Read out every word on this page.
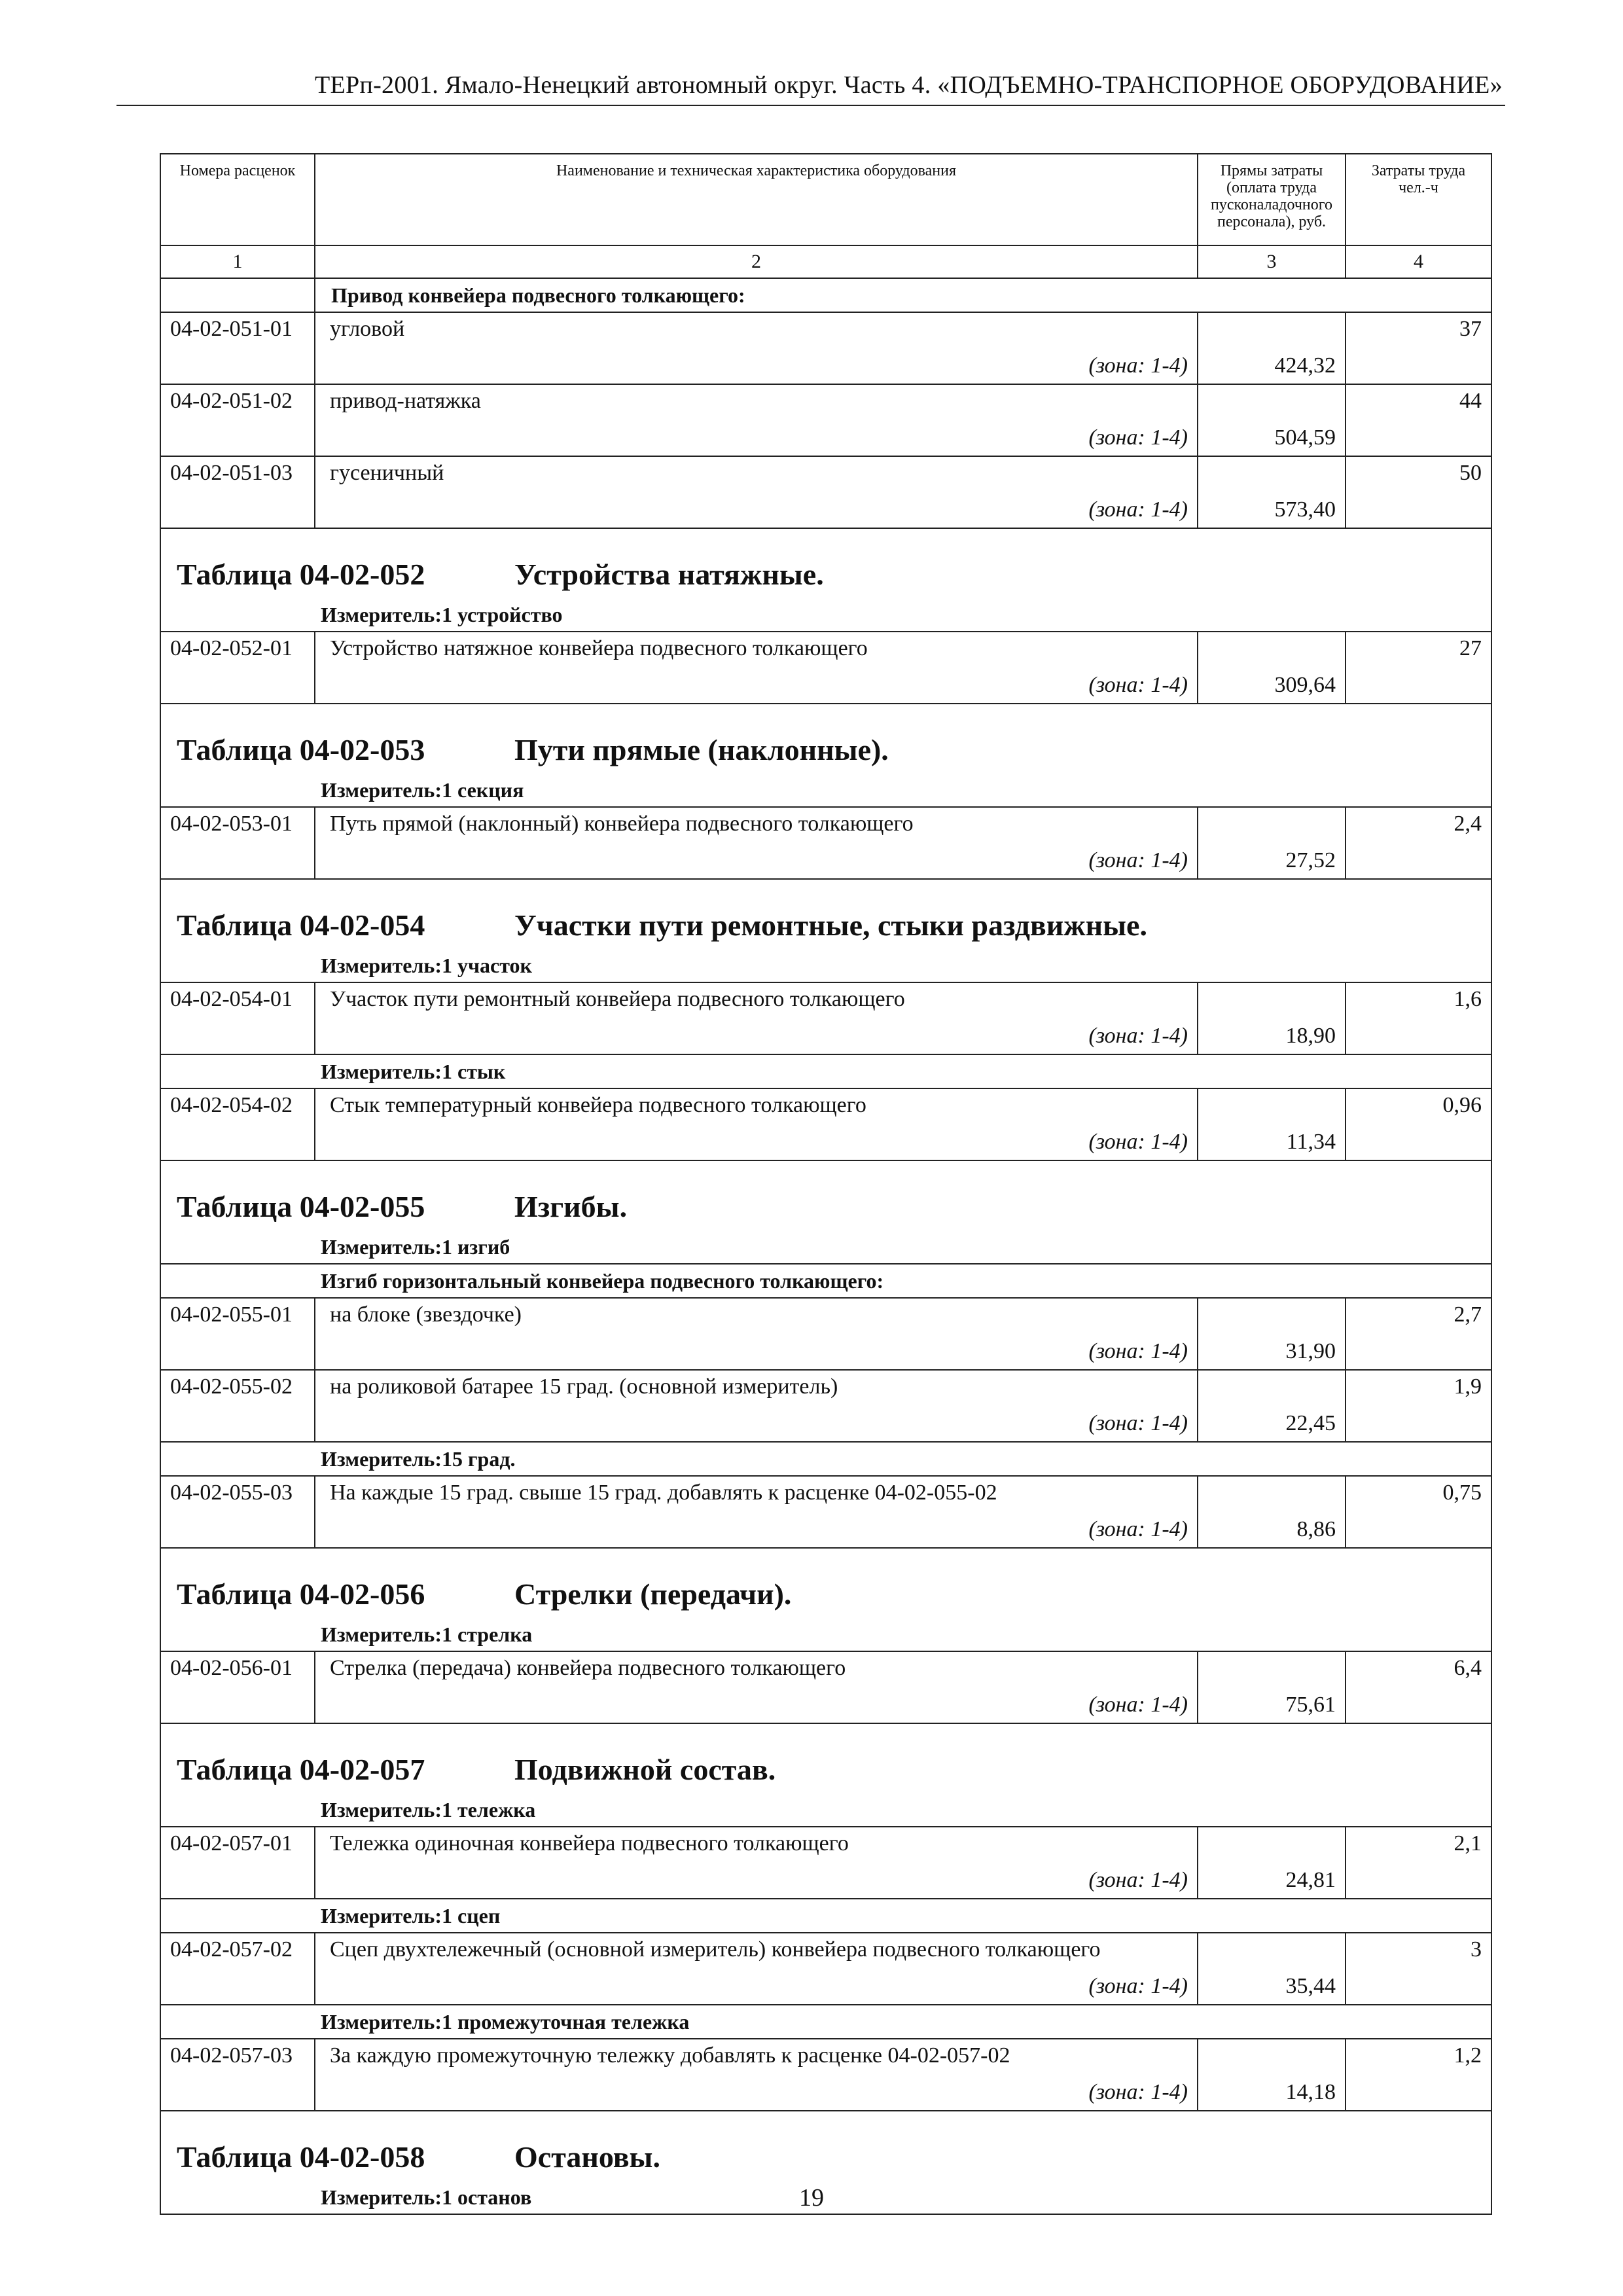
ТЕРп-2001. Ямало-Ненецкий автономный округ. Часть 4. «ПОДЪЕМНО-ТРАНСПОРНОЕ ОБОРУДОВАНИЕ»
Номера расценок	Наименование и техническая характеристика оборудования	Прямы затраты (оплата труда пусконаладочного персонала), руб.	Затраты труда чел.-ч
1	2	3	4
	Привод конвейера подвесного толкающего:		
04-02-051-01	угловой
(зона: 1-4)	424,32	37
04-02-051-02	привод-натяжка
(зона: 1-4)	504,59	44
04-02-051-03	гусеничный
(зона: 1-4)	573,40	50

Таблица 04-02-052 Устройства натяжные.			

Измеритель:1 устройство			
04-02-052-01	Устройство натяжное конвейера подвесного толкающего
(зона: 1-4)	309,64	27

Таблица 04-02-053 Пути прямые (наклонные).			

Измеритель:1 секция			
04-02-053-01	Путь прямой (наклонный) конвейера подвесного толкающего
(зона: 1-4)	27,52	2,4

Таблица 04-02-054 Участки пути ремонтные, стыки раздвижные.			

Измеритель:1 участок			
04-02-054-01	Участок пути ремонтный конвейера подвесного толкающего
(зона: 1-4)	18,90	1,6
Измеритель:1 стык			
04-02-054-02	Стык температурный конвейера подвесного толкающего
(зона: 1-4)	11,34	0,96

Таблица 04-02-055 Изгибы.			

Измеритель:1 изгиб			
Изгиб горизонтальный конвейера подвесного толкающего:			
04-02-055-01	на блоке (звездочке)
(зона: 1-4)	31,90	2,7
04-02-055-02	на роликовой батарее 15 град. (основной измеритель)
(зона: 1-4)	22,45	1,9
Измеритель:15 град.			
04-02-055-03	На каждые 15 град. свыше 15 град. добавлять к расценке 04-02-055-02
(зона: 1-4)	8,86	0,75

Таблица 04-02-056 Стрелки (передачи).			

Измеритель:1 стрелка			
04-02-056-01	Стрелка (передача) конвейера подвесного толкающего
(зона: 1-4)	75,61	6,4

Таблица 04-02-057 Подвижной состав.			

Измеритель:1 тележка			
04-02-057-01	Тележка одиночная конвейера подвесного толкающего
(зона: 1-4)	24,81	2,1
Измеритель:1 сцеп			
04-02-057-02	Сцеп двухтележечный (основной измеритель) конвейера подвесного толкающего
(зона: 1-4)	35,44	3
Измеритель:1 промежуточная тележка			
04-02-057-03	За каждую промежуточную тележку добавлять к расценке 04-02-057-02
(зона: 1-4)	14,18	1,2

Таблица 04-02-058 Остановы.			

Измеритель:1 останов				19
